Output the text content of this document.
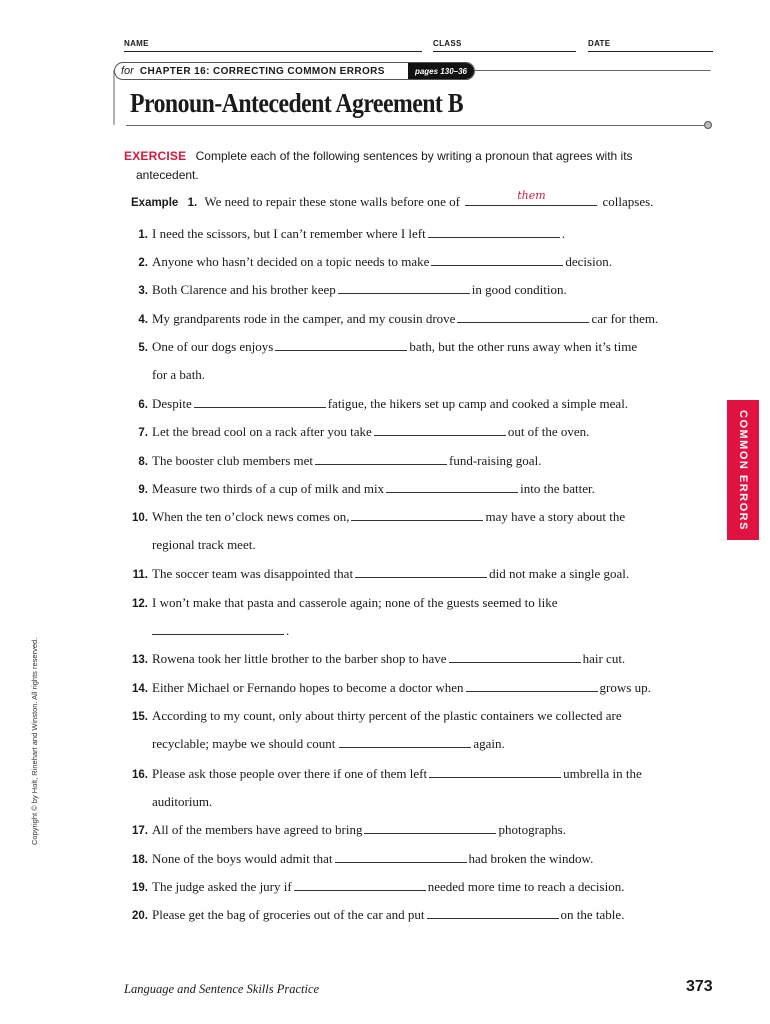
NAME	CLASS	DATE
for CHAPTER 16: CORRECTING COMMON ERRORS	pages 130–36
Pronoun-Antecedent Agreement B
EXERCISE Complete each of the following sentences by writing a pronoun that agrees with its
antecedent.
Example 1. We need to repair these stone walls before one of	them	collapses.
1. I need the scissors, but I can’t remember where I left	.
2. Anyone who hasn’t decided on a topic needs to make	decision.
3. Both Clarence and his brother keep	in good condition.
4. My grandparents rode in the camper, and my cousin drove	car for them.
5. One of our dogs enjoys	bath, but the other runs away when it’s time
for a bath.
6. Despite	fatigue, the hikers set up camp and cooked a simple meal.
7. Let the bread cool on a rack after you take	out of the oven.
8. The booster club members met	fund-raising goal.
9. Measure two thirds of a cup of milk and mix	into the batter.
10. When the ten o’clock news comes on,	may have a story about the
regional track meet.
11. The soccer team was disappointed that	did not make a single goal.
12. I won’t make that pasta and casserole again; none of the guests seemed to like
.
13. Rowena took her little brother to the barber shop to have	hair cut.
14. Either Michael or Fernando hopes to become a doctor when	grows up.
15. According to my count, only about thirty percent of the plastic containers we collected are
recyclable; maybe we should count	again.
16. Please ask those people over there if one of them left	umbrella in the
auditorium.
17. All of the members have agreed to bring	photographs.
18. None of the boys would admit that	had broken the window.
19. The judge asked the jury if	needed more time to reach a decision.
20. Please get the bag of groceries out of the car and put	on the table.
COMMON ERRORS
Copyright © by Holt, Rinehart and Winston. All rights reserved.
Language and Sentence Skills Practice	373
